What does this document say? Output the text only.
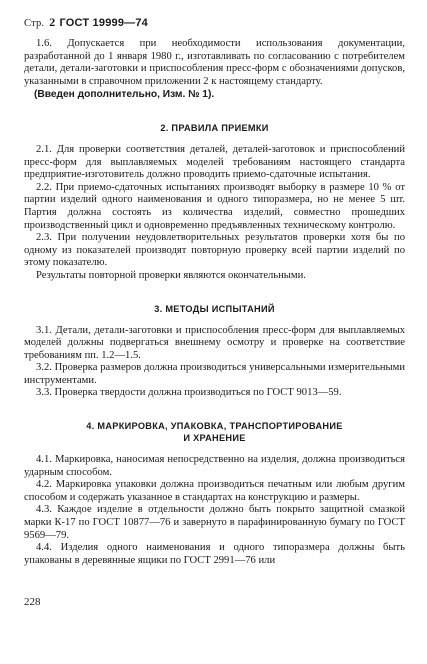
Стр. 2 ГОСТ 19999—74

1.6. Допускается при необходимости использования документации, разработанной до 1 января 1980 г., изготавливать по согласованию с потребителем детали, детали-заготовки и приспособления пресс-форм с обозначениями допусков, указанными в справочном приложении 2 к настоящему стандарту.

(Введен дополнительно, Изм. № 1).

2. ПРАВИЛА ПРИЕМКИ

2.1. Для проверки соответствия деталей, деталей-заготовок и приспособлений пресс-форм для выплавляемых моделей требованиям настоящего стандарта предприятие-изготовитель должно проводить приемо-сдаточные испытания.

2.2. При приемо-сдаточных испытаниях производят выборку в размере 10 % от партии изделий одного наименования и одного типоразмера, но не менее 5 шт. Партия должна состоять из количества изделий, совместно прошедших производственный цикл и одновременно предъявленных техническому контролю.

2.3. При получении неудовлетворительных результатов проверки хотя бы по одному из показателей производят повторную проверку всей партии изделий по этому показателю.

Результаты повторной проверки являются окончательными.

3. МЕТОДЫ ИСПЫТАНИЙ

3.1. Детали, детали-заготовки и приспособления пресс-форм для выплавляемых моделей должны подвергаться внешнему осмотру и проверке на соответствие требованиям пп. 1.2—1.5.

3.2. Проверка размеров должна производиться универсальными измерительными инструментами.

3.3. Проверка твердости должна производиться по ГОСТ 9013—59.

4. МАРКИРОВКА, УПАКОВКА, ТРАНСПОРТИРОВАНИЕ

И ХРАНЕНИЕ

4.1. Маркировка, наносимая непосредственно на изделия, должна производиться ударным способом.

4.2. Маркировка упаковки должна производиться печатным или любым другим способом и содержать указанное в стандартах на конструкцию и размеры.

4.3. Каждое изделие в отдельности должно быть покрыто защитной смазкой марки К-17 по ГОСТ 10877—76 и завернуто в парафинированную бумагу по ГОСТ 9569—79.

4.4. Изделия одного наименования и одного типоразмера должны быть упакованы в деревянные ящики по ГОСТ 2991—76 или

228
